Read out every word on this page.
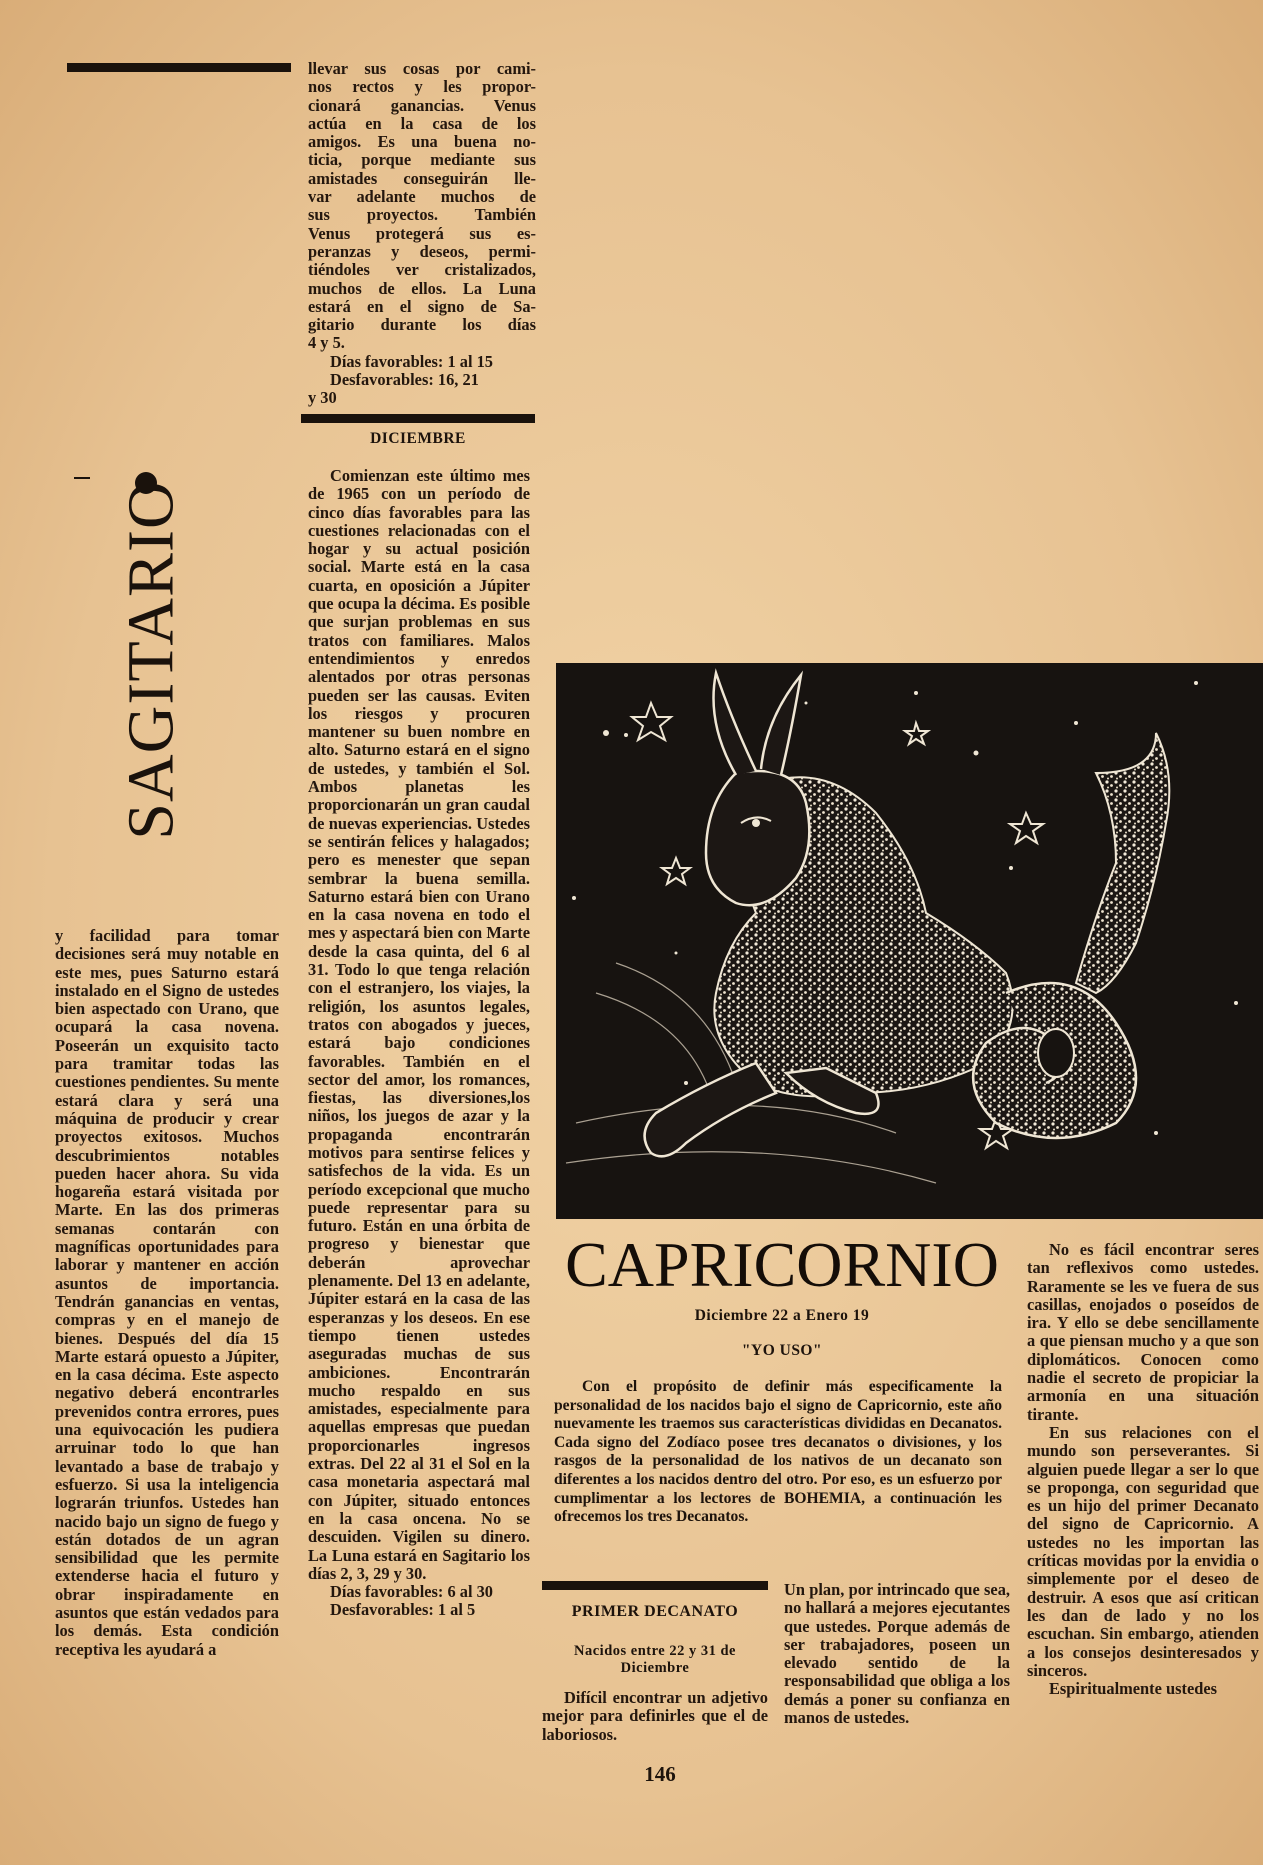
llevar sus cosas por cami-
nos rectos y les propor-
cionará ganancias. Venus
actúa en la casa de los
amigos. Es una buena no-
ticia, porque mediante sus
amistades conseguirán lle-
var adelante muchos de
sus proyectos. También
Venus protegerá sus es-
peranzas y deseos, permi-
tiéndoles ver cristalizados,
muchos de ellos. La Luna
estará en el signo de Sa-
gitario durante los días
4 y 5.

Días favorables: 1 al 15

Desfavorables: 16, 21

y 30

DICIEMBRE
SAGITARIO

Comienzan este último mes de 1965 con un período de cinco días favorables para las cuestiones relacionadas con el hogar y su actual posición social. Marte está en la casa cuarta, en oposición a Júpiter que ocupa la décima. Es posible que surjan problemas en sus tratos con familiares. Malos entendimientos y enredos alentados por otras personas pueden ser las causas. Eviten los riesgos y procuren mantener su buen nombre en alto. Saturno estará en el signo de ustedes, y también el Sol. Ambos planetas les proporcionarán un gran caudal de nuevas experiencias. Ustedes se sentirán felices y halagados; pero es menester que sepan sembrar la buena semilla. Saturno estará bien con Urano en la casa novena en todo el mes y aspectará bien con Marte desde la casa quinta, del 6 al 31. Todo lo que tenga relación con el estranjero, los viajes, la religión, los asuntos legales, tratos con abogados y jueces, estará bajo condiciones favorables. También en el sector del amor, los romances, fiestas, las diversiones,los niños, los juegos de azar y la propaganda encontrarán motivos para sentirse felices y satisfechos de la vida. Es un período excepcional que mucho puede representar para su futuro. Están en una órbita de progreso y bienestar que deberán aprovechar plenamente. Del 13 en adelante, Júpiter estará en la casa de las esperanzas y los deseos. En ese tiempo tienen ustedes aseguradas muchas de sus ambiciones. Encontrarán mucho respaldo en sus amistades, especialmente para aquellas empresas que puedan proporcionarles ingresos extras. Del 22 al 31 el Sol en la casa monetaria aspectará mal con Júpiter, situado entonces en la casa oncena. No se descuiden. Vigilen su dinero. La Luna estará en Sagitario los días 2, 3, 29 y 30.

Días favorables: 6 al 30

Desfavorables: 1 al 5

y facilidad para tomar decisiones será muy notable en este mes, pues Saturno estará instalado en el Signo de ustedes bien aspectado con Urano, que ocupará la casa novena. Poseerán un exquisito tacto para tramitar todas las cuestiones pendientes. Su mente estará clara y será una máquina de producir y crear proyectos exitosos. Muchos descubrimientos notables pueden hacer ahora. Su vida hogareña estará visitada por Marte. En las dos primeras semanas contarán con magníficas oportunidades para laborar y mantener en acción asuntos de importancia. Tendrán ganancias en ventas, compras y en el manejo de bienes. Después del día 15 Marte estará opuesto a Júpiter, en la casa décima. Este aspecto negativo deberá encontrarles prevenidos contra errores, pues una equivocación les pudiera arruinar todo lo que han levantado a base de trabajo y esfuerzo. Si usa la inteligencia lograrán triunfos. Ustedes han nacido bajo un signo de fuego y están dotados de un agran sensibilidad que les permite extenderse hacia el futuro y obrar inspiradamente en asuntos que están vedados para los demás. Esta condición receptiva les ayudará a

CAPRICORNIO
Diciembre 22 a Enero 19
"YO USO"

Con el propósito de definir más especificamente la personalidad de los nacidos bajo el signo de Capricornio, este año nuevamente les traemos sus características divididas en Decanatos. Cada signo del Zodíaco posee tres decanatos o divisiones, y los rasgos de la personalidad de los nativos de un decanato son diferentes a los nacidos dentro del otro. Por eso, es un esfuerzo por cumplimentar a los lectores de BOHEMIA, a continuación les ofrecemos los tres Decanatos.

PRIMER DECANATO
Nacidos entre 22 y 31 de Diciembre

Difícil encontrar un adjetivo mejor para definirles que el de laboriosos.

Un plan, por intrincado que sea, no hallará a mejores ejecutantes que ustedes. Porque además de ser trabajadores, poseen un elevado sentido de la responsabilidad que obliga a los demás a poner su confianza en manos de ustedes.

No es fácil encontrar seres tan reflexivos como ustedes. Raramente se les ve fuera de sus casillas, enojados o poseídos de ira. Y ello se debe sencillamente a que piensan mucho y a que son diplomáticos. Conocen como nadie el secreto de propiciar la armonía en una situación tirante.

En sus relaciones con el mundo son perseverantes. Si alguien puede llegar a ser lo que se proponga, con seguridad que es un hijo del primer Decanato del signo de Capricornio. A ustedes no les importan las críticas movidas por la envidia o simplemente por el deseo de destruir. A esos que así critican les dan de lado y no los escuchan. Sin embargo, atienden a los consejos desinteresados y sinceros.

Espiritualmente ustedes

146
